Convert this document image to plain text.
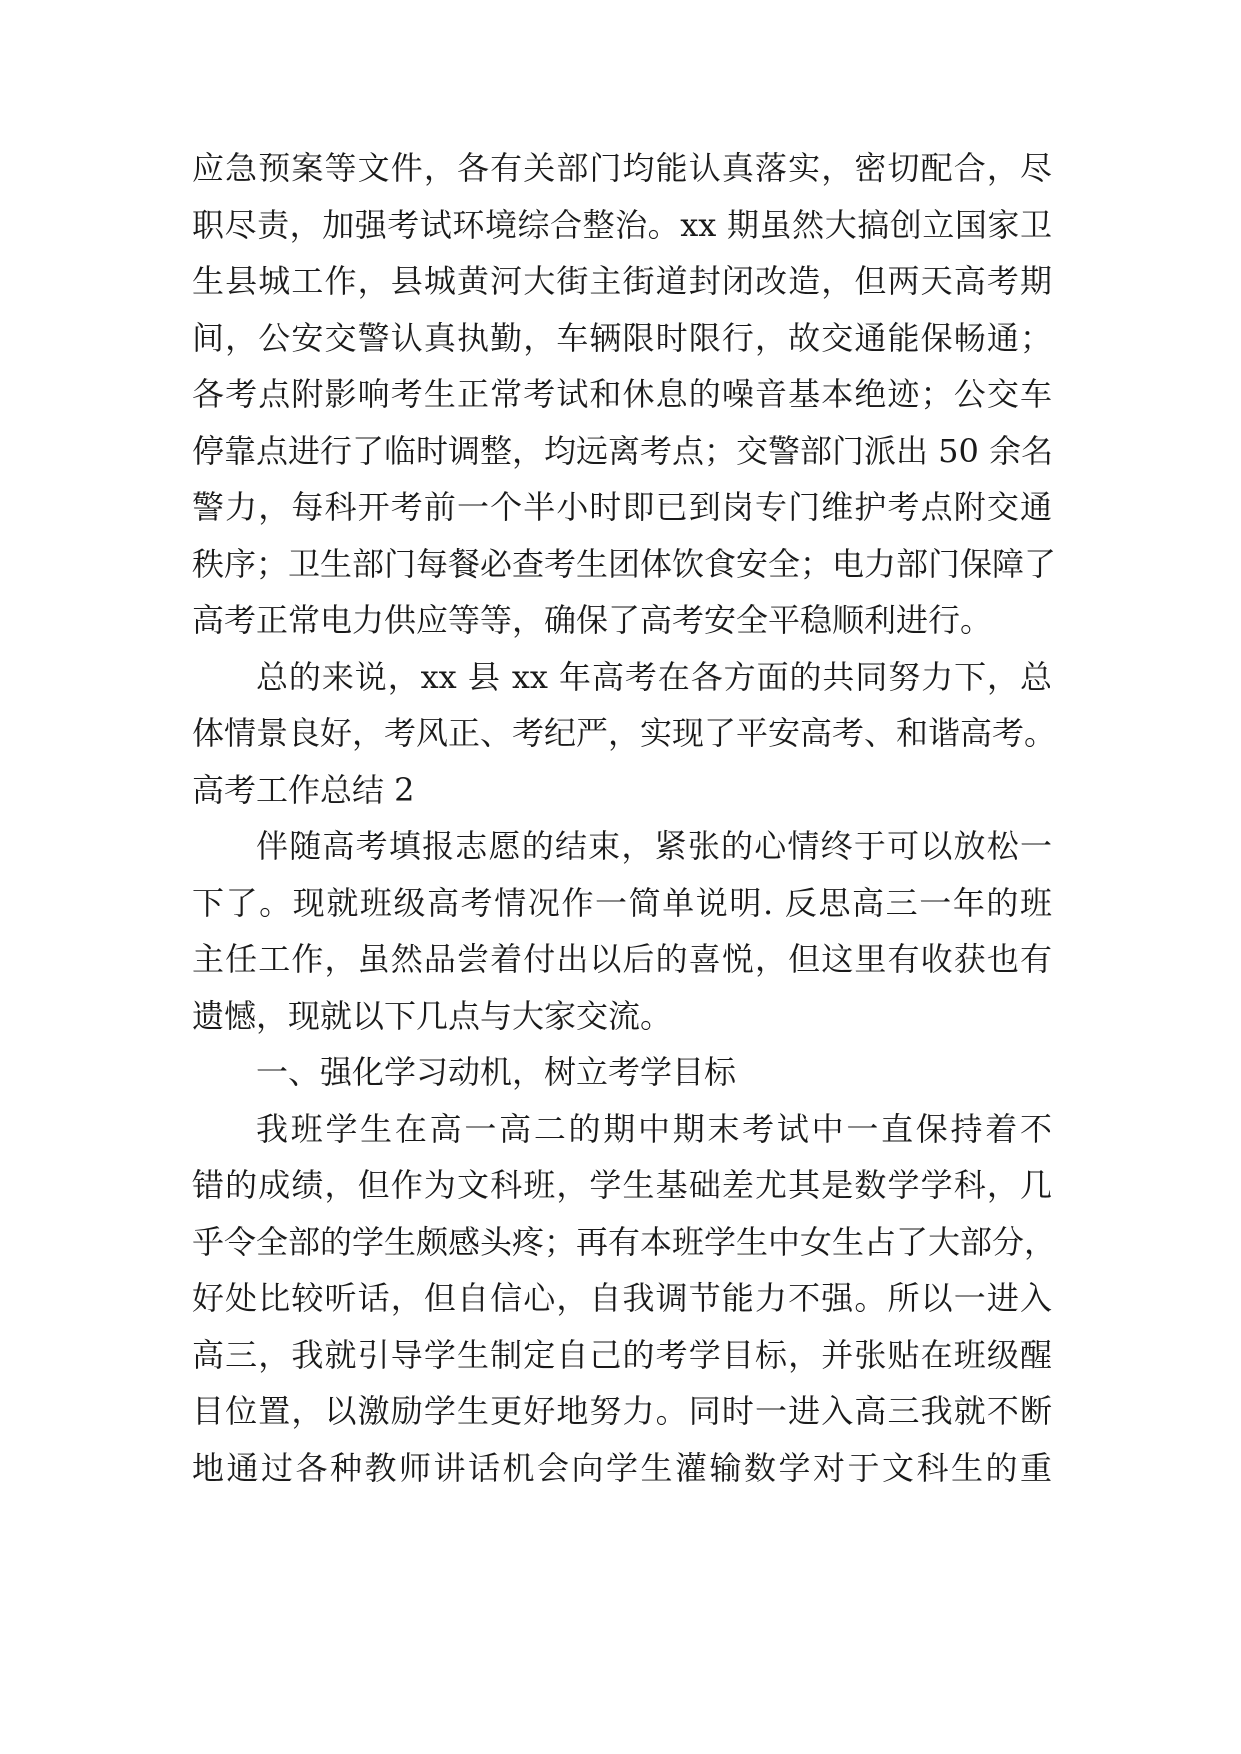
应急预案等文件，各有关部门均能认真落实，密切配合，尽
职尽责，加强考试环境综合整治。xx 期虽然大搞创立国家卫
生县城工作，县城黄河大街主街道封闭改造，但两天高考期
间，公安交警认真执勤，车辆限时限行，故交通能保畅通；
各考点附影响考生正常考试和休息的噪音基本绝迹；公交车
停靠点进行了临时调整，均远离考点；交警部门派出 50 余名
警力，每科开考前一个半小时即已到岗专门维护考点附交通
秩序；卫生部门每餐必查考生团体饮食安全；电力部门保障了
高考正常电力供应等等，确保了高考安全平稳顺利进行。
总的来说，xx 县 xx 年高考在各方面的共同努力下，总
体情景良好，考风正、考纪严，实现了平安高考、和谐高考。
高考工作总结 2
伴随高考填报志愿的结束，紧张的心情终于可以放松一
下了。现就班级高考情况作一简单说明. 反思高三一年的班
主任工作，虽然品尝着付出以后的喜悦，但这里有收获也有
遗憾，现就以下几点与大家交流。
一、强化学习动机，树立考学目标
我班学生在高一高二的期中期末考试中一直保持着不
错的成绩，但作为文科班，学生基础差尤其是数学学科，几
乎令全部的学生颇感头疼；再有本班学生中女生占了大部分，
好处比较听话，但自信心，自我调节能力不强。所以一进入
高三，我就引导学生制定自己的考学目标，并张贴在班级醒
目位置，以激励学生更好地努力。同时一进入高三我就不断
地通过各种教师讲话机会向学生灌输数学对于文科生的重
